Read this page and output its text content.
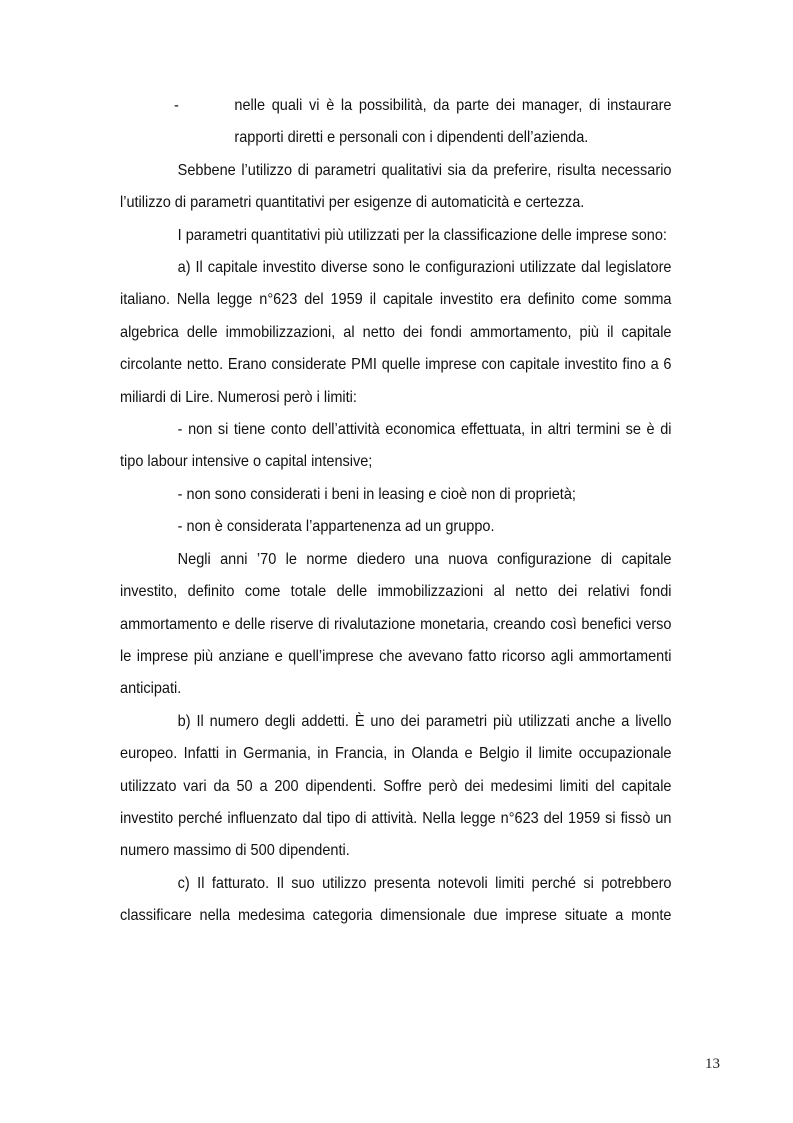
-	nelle quali vi è la possibilità, da parte dei manager, di instaurare rapporti diretti e personali con i dipendenti dell’azienda.

Sebbene l’utilizzo di parametri qualitativi sia da preferire, risulta necessario l’utilizzo di parametri quantitativi per esigenze di automaticità e certezza.

I parametri quantitativi più utilizzati per la classificazione delle imprese sono:

a) Il capitale investito diverse sono le configurazioni utilizzate dal legislatore italiano. Nella legge n°623 del 1959 il capitale investito era definito come somma algebrica delle immobilizzazioni, al netto dei fondi ammortamento, più il capitale circolante netto. Erano considerate PMI quelle imprese con capitale investito fino a 6 miliardi di Lire. Numerosi però i limiti:

- non si tiene conto dell’attività economica effettuata, in altri termini se è di tipo labour intensive o capital intensive;

- non sono considerati i beni in leasing e cioè non di proprietà;

- non è considerata l’appartenenza ad un gruppo.

Negli anni ’70 le norme diedero una nuova configurazione di capitale investito, definito come totale delle immobilizzazioni al netto dei relativi fondi ammortamento e delle riserve di rivalutazione monetaria, creando così benefici verso le imprese più anziane e quell’imprese che avevano fatto ricorso agli ammortamenti anticipati.

b) Il numero degli addetti. È uno dei parametri più utilizzati anche a livello europeo. Infatti in Germania, in Francia, in Olanda e Belgio il limite occupazionale utilizzato vari da 50 a 200 dipendenti. Soffre però dei medesimi limiti del capitale investito perché influenzato dal tipo di attività. Nella legge n°623 del 1959 si fissò un numero massimo di 500 dipendenti.

c) Il fatturato. Il suo utilizzo presenta notevoli limiti perché si potrebbero classificare nella medesima categoria dimensionale due imprese situate a monte

13
